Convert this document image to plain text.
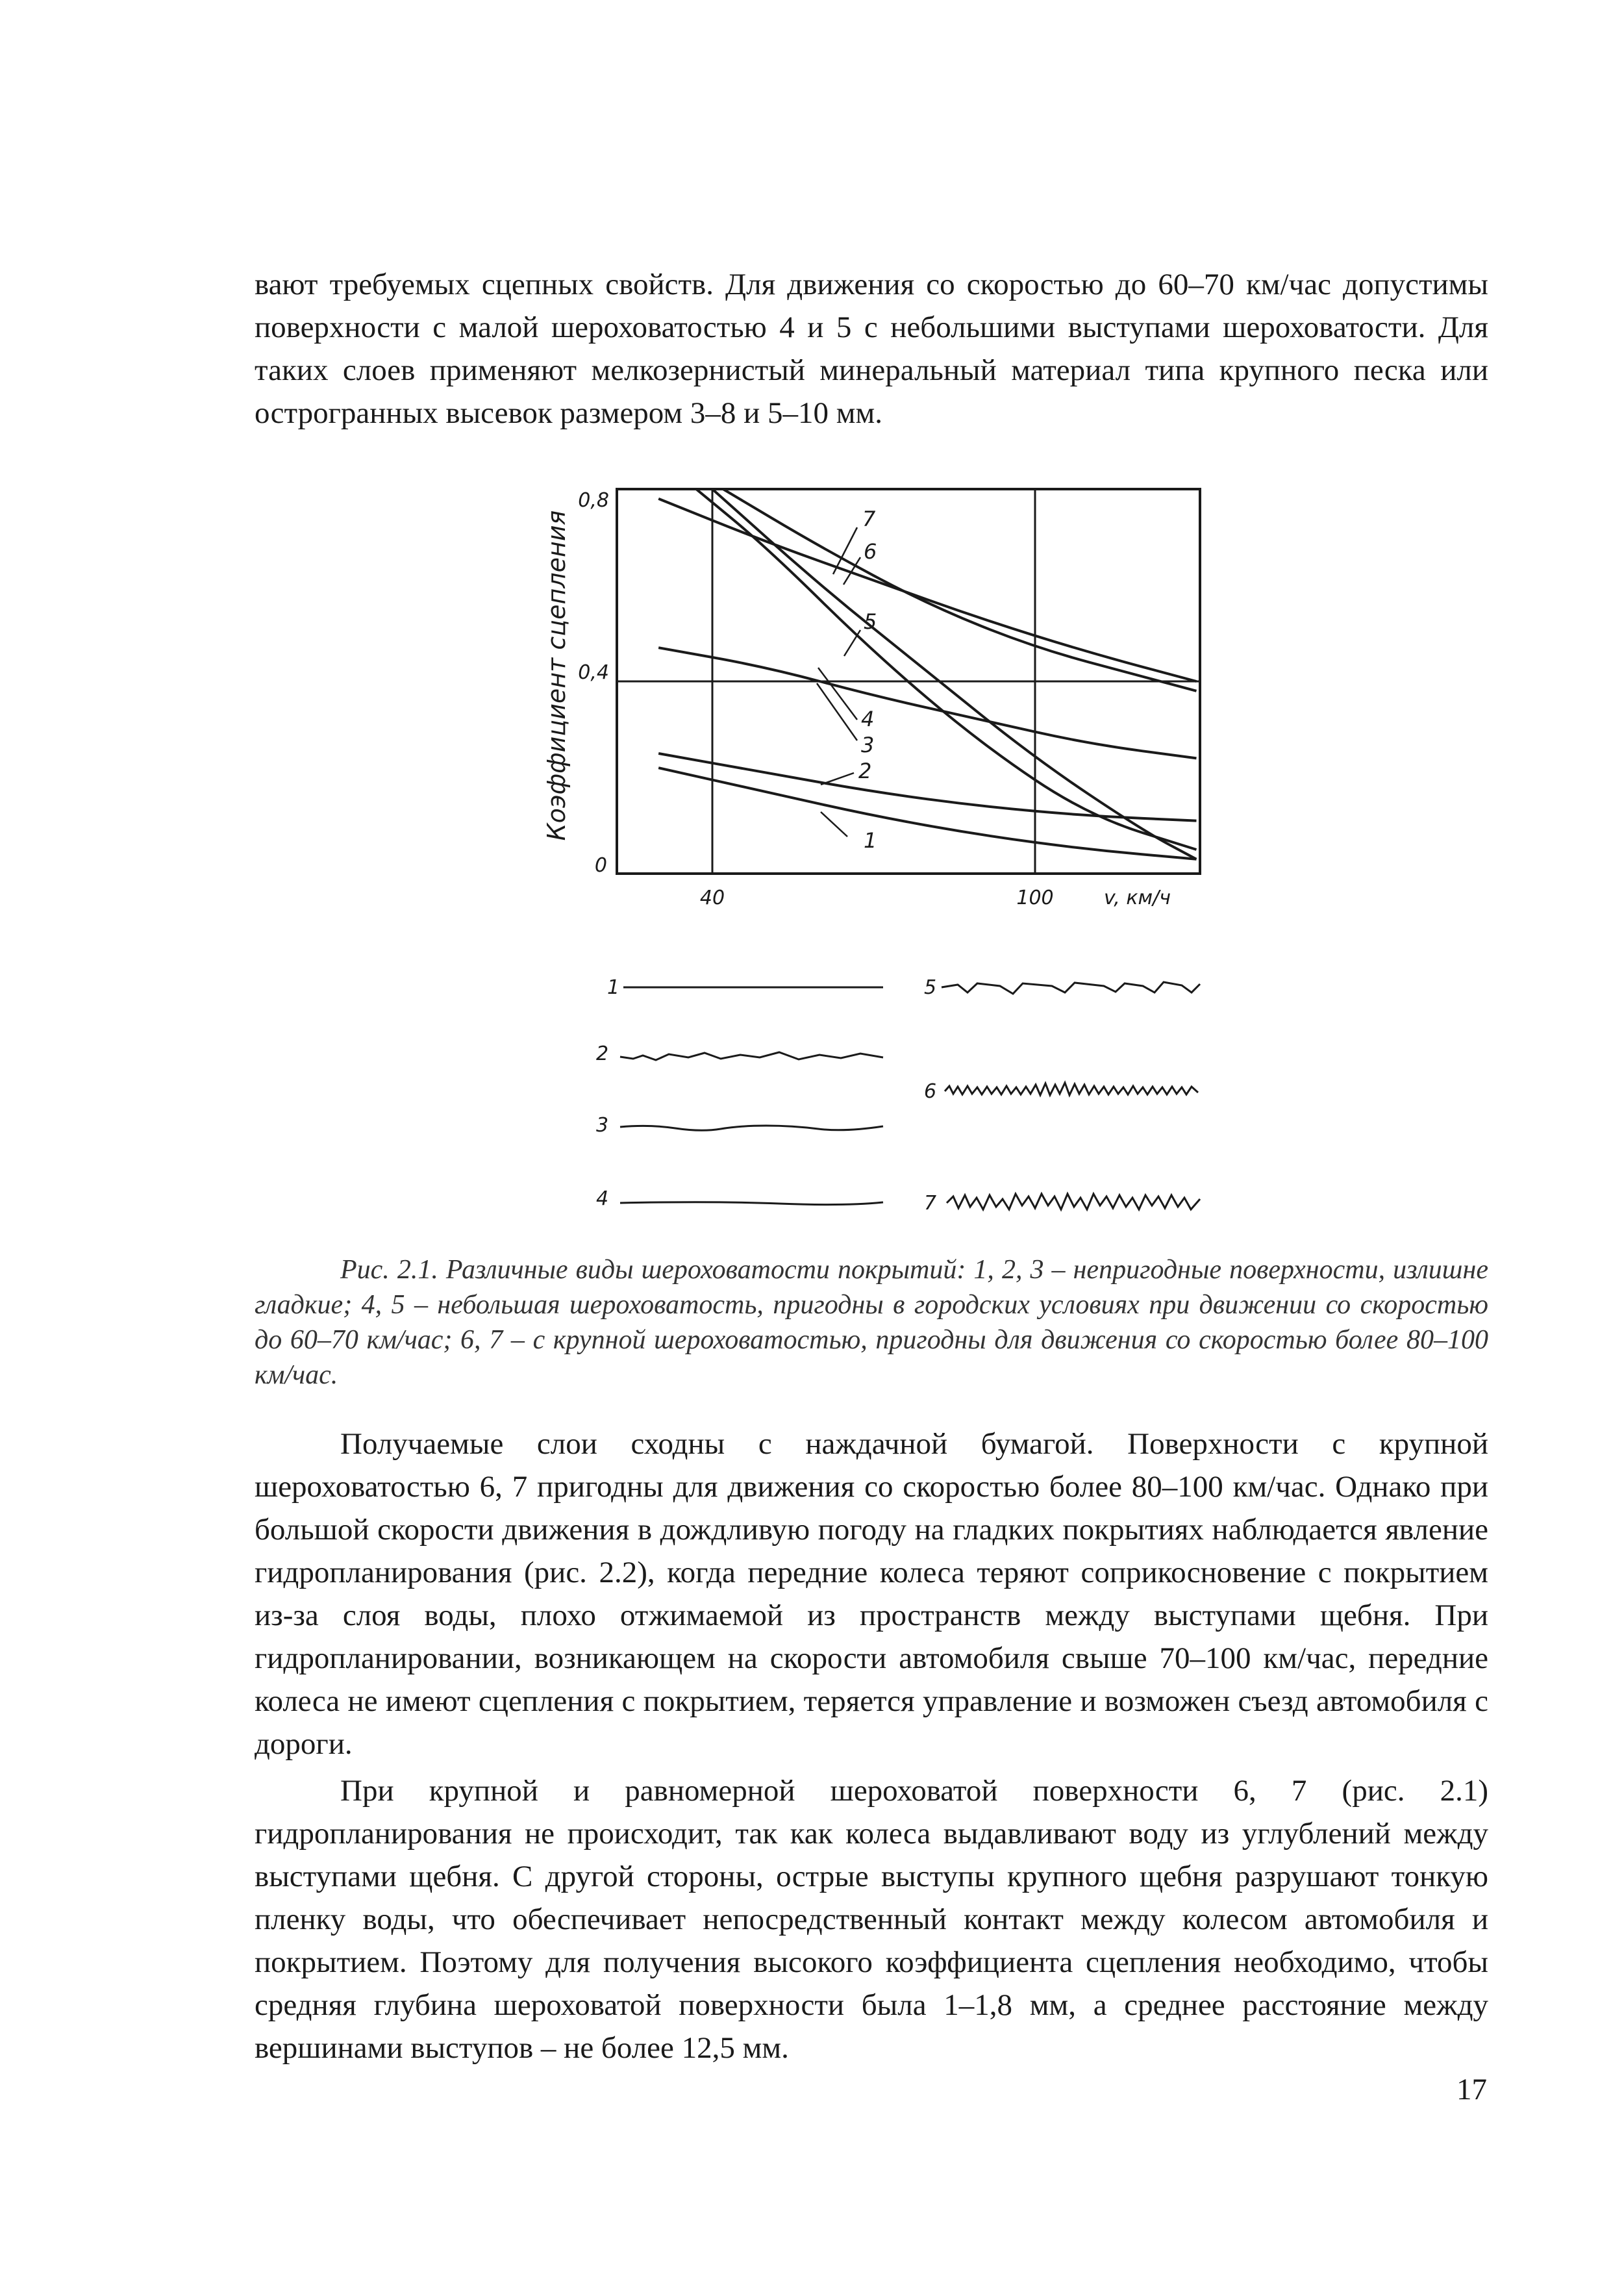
вают требуемых сцепных свойств. Для движения со скоростью до 60–70 км/час допустимы поверхности с малой шероховатостью 4 и 5 с небольшими выступами шероховатости. Для таких слоев применяют мелкозернистый минеральный материал типа крупного песка или острогранных высевок размером 3–8 и 5–10 мм.

0,8
0,4
0
40	100	v, км/ч
Коэффициент сцепления	7
6
5
4
3
2
1
1
2
3
4
5
6
7
Рис. 2.1. Различные виды шероховатости покрытий: 1, 2, 3 – непригодные поверхности, излишне гладкие; 4, 5 – небольшая шероховатость, пригодны в городских условиях при движении со скоростью до 60–70 км/час; 6, 7 – с крупной шероховатостью, пригодны для движения со скоростью более 80–100 км/час.

Получаемые слои сходны с наждачной бумагой. Поверхности с крупной шероховатостью 6, 7 пригодны для движения со скоростью более 80–100 км/час. Однако при большой скорости движения в дождливую погоду на гладких покрытиях наблюдается явление гидропланирования (рис. 2.2), когда передние колеса теряют соприкосновение с покрытием из-за слоя воды, плохо отжимаемой из пространств между выступами щебня. При гидропланировании, возникающем на скорости автомобиля свыше 70–100 км/час, передние колеса не имеют сцепления с покрытием, теряется управление и возможен съезд автомобиля с дороги.

При крупной и равномерной шероховатой поверхности 6, 7 (рис. 2.1) гидропланирования не происходит, так как колеса выдавливают воду из углублений между выступами щебня. С другой стороны, острые выступы крупного щебня разрушают тонкую пленку воды, что обеспечивает непосредственный контакт между колесом автомобиля и покрытием. Поэтому для получения высокого коэффициента сцепления необходимо, чтобы средняя глубина шероховатой поверхности была 1–1,8 мм, а среднее расстояние между вершинами выступов – не более 12,5 мм.

17
